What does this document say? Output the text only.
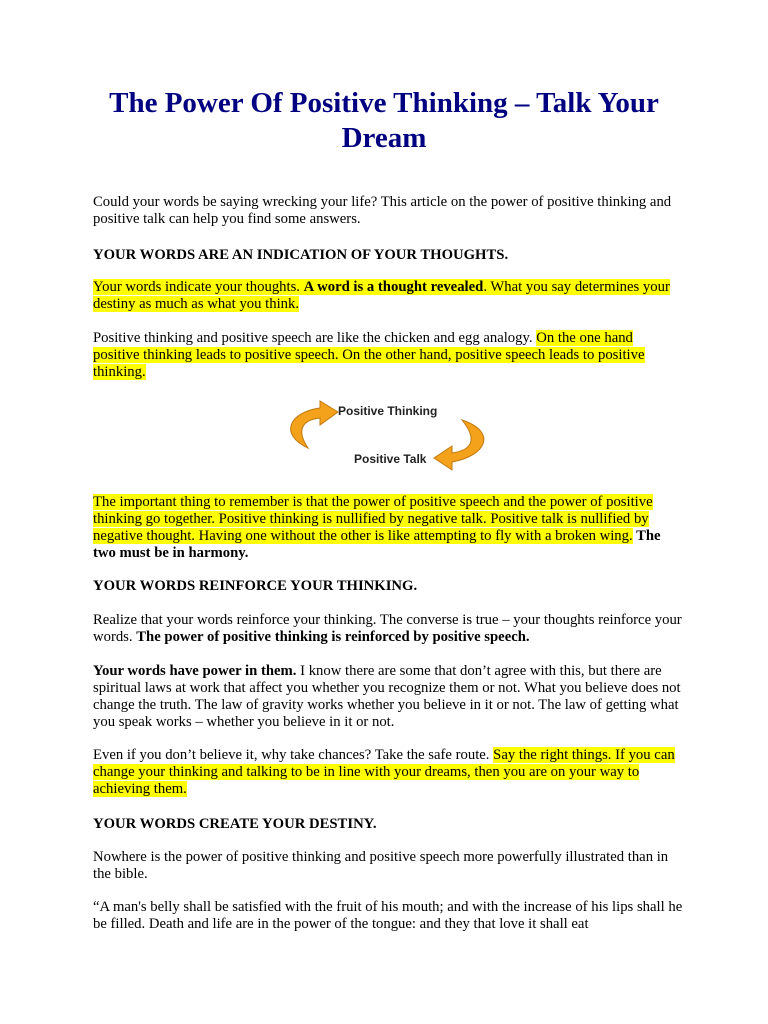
The Power Of Positive Thinking – Talk Your Dream

Could your words be saying wrecking your life? This article on the power of positive thinking and positive talk can help you find some answers.

YOUR WORDS ARE AN INDICATION OF YOUR THOUGHTS.

Your words indicate your thoughts. A word is a thought revealed. What you say determines your destiny as much as what you think.

Positive thinking and positive speech are like the chicken and egg analogy. On the one hand positive thinking leads to positive speech. On the other hand, positive speech leads to positive thinking.

Positive Thinking
Positive Talk

The important thing to remember is that the power of positive speech and the power of positive thinking go together. Positive thinking is nullified by negative talk. Positive talk is nullified by negative thought. Having one without the other is like attempting to fly with a broken wing. The two must be in harmony.

YOUR WORDS REINFORCE YOUR THINKING.

Realize that your words reinforce your thinking. The converse is true – your thoughts reinforce your words. The power of positive thinking is reinforced by positive speech.

Your words have power in them. I know there are some that don’t agree with this, but there are spiritual laws at work that affect you whether you recognize them or not. What you believe does not change the truth. The law of gravity works whether you believe in it or not. The law of getting what you speak works – whether you believe in it or not.

Even if you don’t believe it, why take chances? Take the safe route. Say the right things. If you can change your thinking and talking to be in line with your dreams, then you are on your way to achieving them.

YOUR WORDS CREATE YOUR DESTINY.

Nowhere is the power of positive thinking and positive speech more powerfully illustrated than in the bible.

“A man's belly shall be satisfied with the fruit of his mouth; and with the increase of his lips shall he be filled. Death and life are in the power of the tongue: and they that love it shall eat
